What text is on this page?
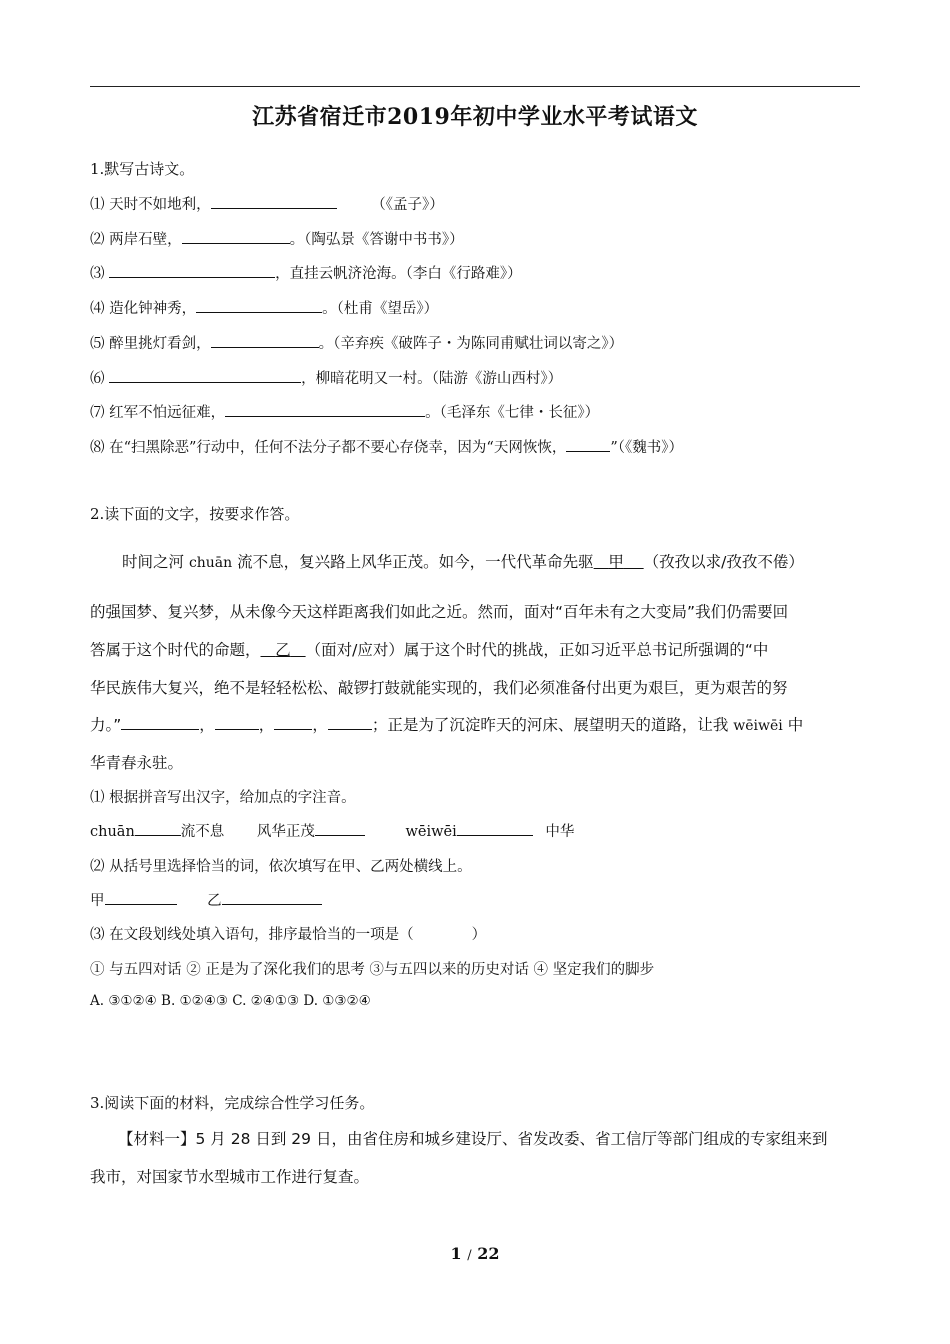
江苏省宿迁市2019年初中学业水平考试语文
1.默写古诗文。
⑴ 天时不如地利，	（《孟子》）
⑵ 两岸石壁，	。（陶弘景《答谢中书书》）
⑶	，直挂云帆济沧海。（李白《行路难》）
⑷ 造化钟神秀，	。（杜甫《望岳》）
⑸ 醉里挑灯看剑，	。（辛弃疾《破阵子・为陈同甫赋壮词以寄之》）
⑹	，柳暗花明又一村。（陆游《游山西村》）
⑺ 红军不怕远征难，	。（毛泽东《七律・长征》）
⑻ 在“扫黑除恶”行动中，任何不法分子都不要心存侥幸，因为“天网恢恢，	”（《魏书》）
2.读下面的文字，按要求作答。
时间之河 chuān 流不息，复兴路上风华正茂。如今，一代代革命先驱 甲 （孜孜以求/孜孜不倦）
的强国梦、复兴梦，从未像今天这样距离我们如此之近。然而，面对“百年未有之大变局”我们仍需要回
答属于这个时代的命题， 乙 （面对/应对）属于这个时代的挑战，正如习近平总书记所强调的“中
华民族伟大复兴，绝不是轻轻松松、敲锣打鼓就能实现的，我们必须准备付出更为艰巨，更为艰苦的努
力。”	，	， ，	；正是为了沉淀昨天的河床、展望明天的道路，让我 wēiwēi 中
华青春永驻。
⑴ 根据拼音写出汉字，给加点的字注音。
chuān	流不息 风华正茂	wēiwēi	中华
⑵ 从括号里选择恰当的词，依次填写在甲、乙两处横线上。
甲	乙
⑶ 在文段划线处填入语句，排序最恰当的一项是（　　　　）
① 与五四对话 ② 正是为了深化我们的思考 ③与五四以来的历史对话 ④ 坚定我们的脚步
A. ③①②④ B. ①②④③ C. ②④①③ D. ①③②④
3.阅读下面的材料，完成综合性学习任务。
【材料一】5 月 28 日到 29 日，由省住房和城乡建设厅、省发改委、省工信厅等部门组成的专家组来到
我市，对国家节水型城市工作进行复查。
1 / 22
